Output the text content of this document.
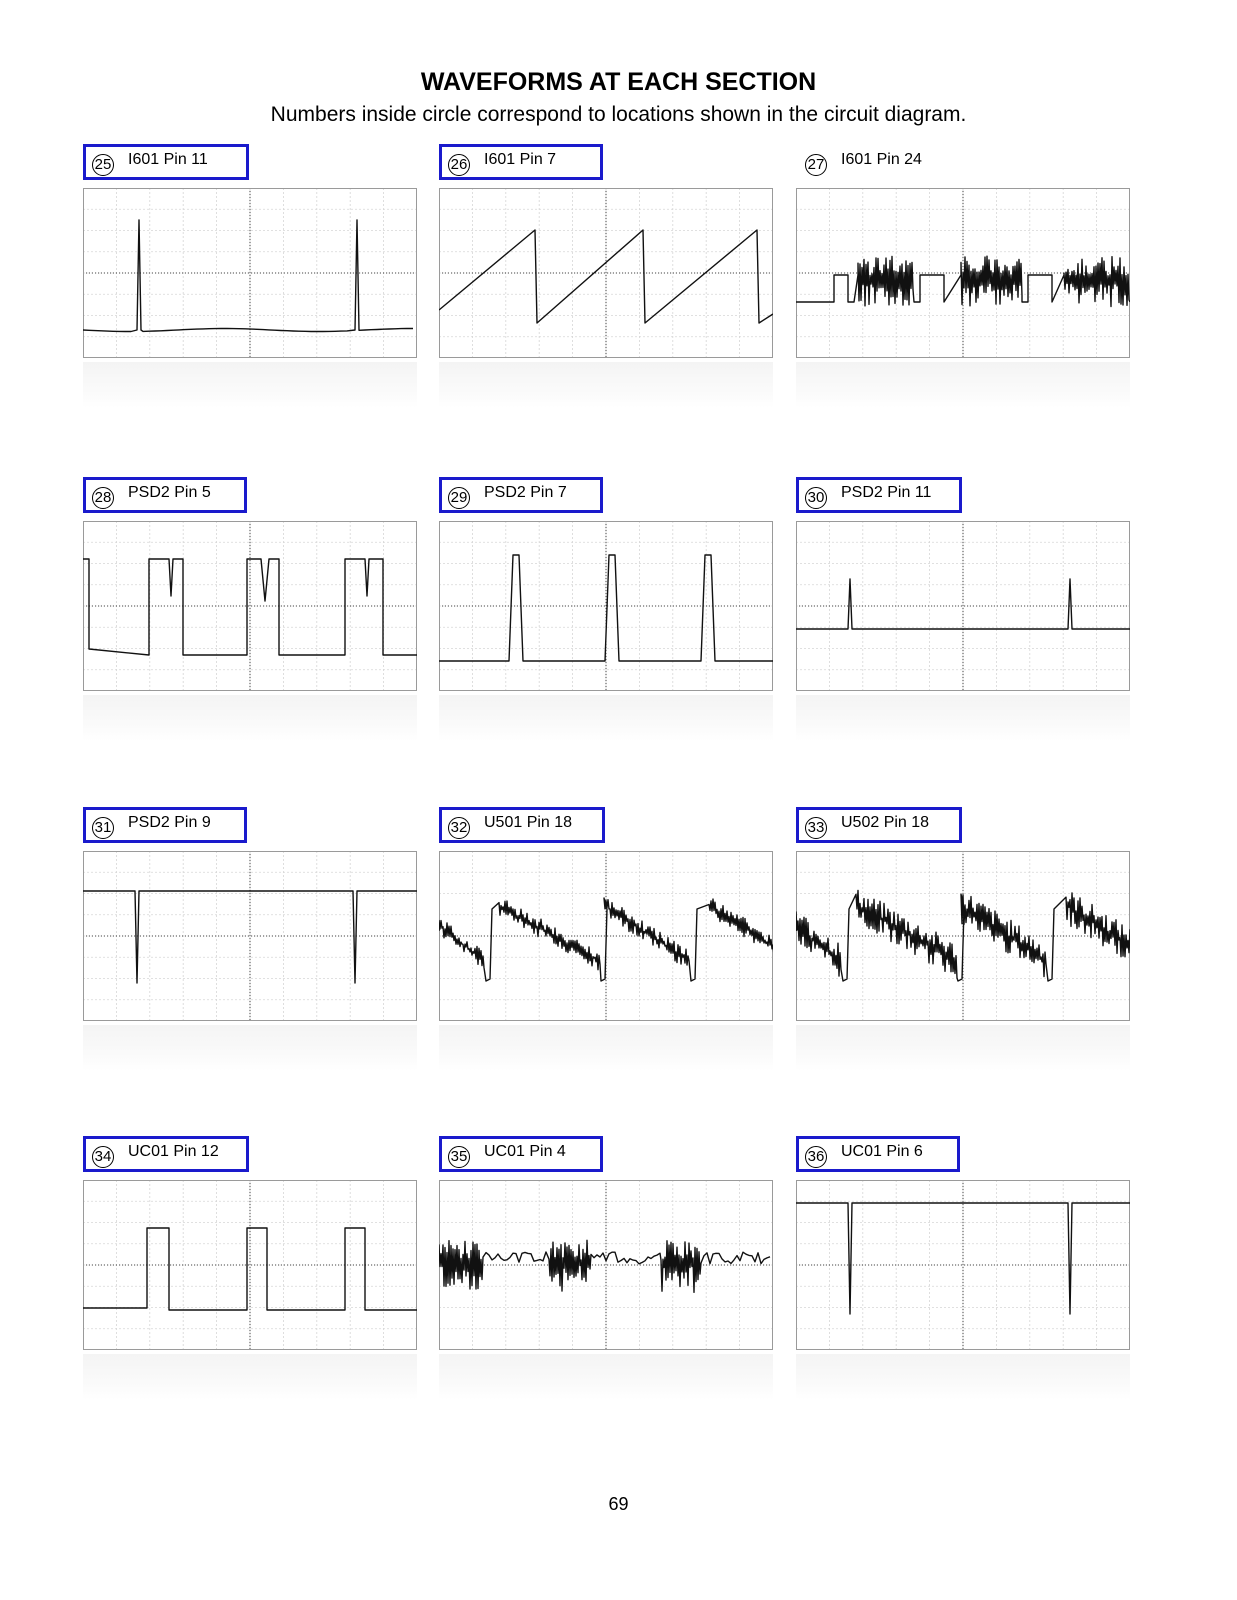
WAVEFORMS AT EACH SECTION

Numbers inside circle correspond to locations shown in the circuit diagram.

25 I601 Pin 11	26 I601 Pin 7	27 I601 Pin 24
28 PSD2 Pin 5	29 PSD2 Pin 7	30 PSD2 Pin 11
31 PSD2 Pin 9	32 U501 Pin 18	33 U502 Pin 18
34 UC01 Pin 12	35 UC01 Pin 4	36 UC01 Pin 6
69
